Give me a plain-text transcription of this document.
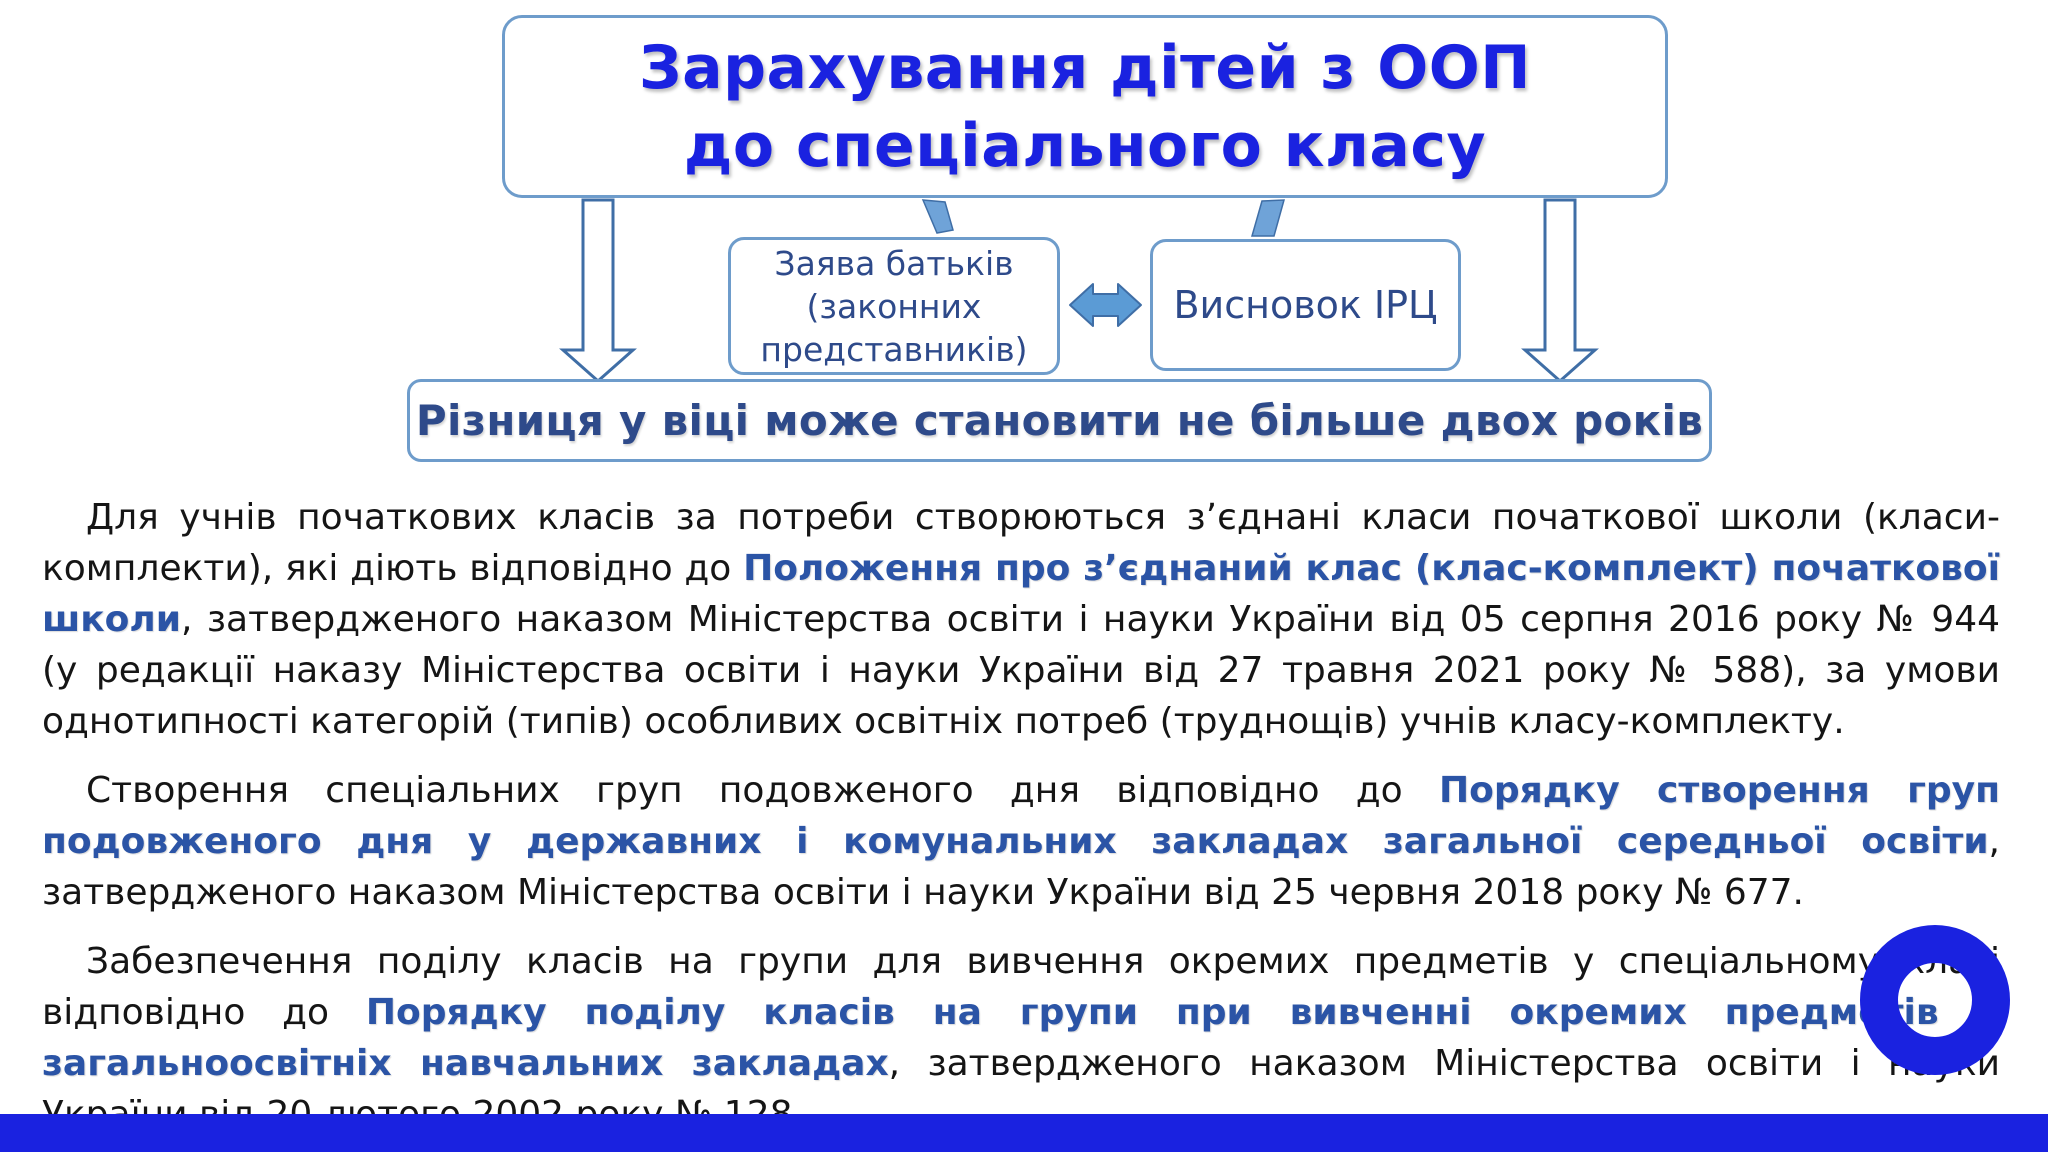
Зарахування дітей з ООП
до спеціального класу
Заява батьків
(законних
представників)
Висновок ІРЦ
Різниця у віці може становити не більше двох років

Для учнів початкових класів за потреби створюються з’єднані класи початкової школи (класи-комплекти), які діють відповідно до Положення про з’єднаний клас (клас-комплект) початкової школи, затвердженого наказом Міністерства освіти і науки України від 05 серпня 2016 року № 944 (у редакції наказу Міністерства освіти і науки України від 27 травня 2021 року № 588), за умови однотипності категорій (типів) особливих освітніх потреб (труднощів) учнів класу-комплекту.

Створення спеціальних груп подовженого дня відповідно до Порядку створення груп подовженого дня у державних і комунальних закладах загальної середньої освіти, затвердженого наказом Міністерства освіти і науки України від 25 червня 2018 року № 677.

Забезпечення поділу класів на групи для вивчення окремих предметів у спеціальному класі відповідно до Порядку поділу класів на групи при вивченні окремих предметів у загальноосвітніх навчальних закладах, затвердженого наказом Міністерства освіти і науки
